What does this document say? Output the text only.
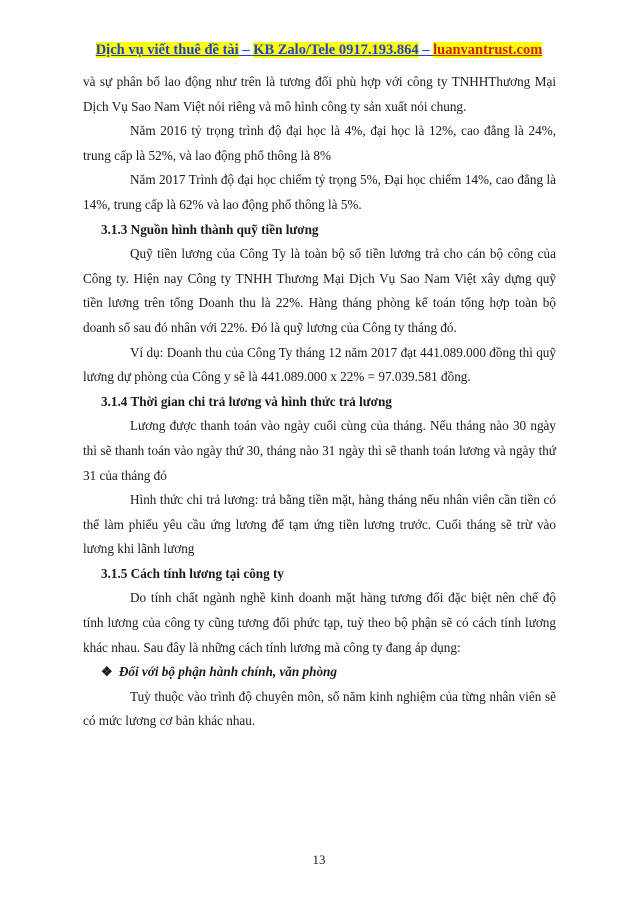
Dịch vụ viết thuê đề tài – KB Zalo/Tele 0917.193.864 – luanvantrust.com

và sự phân bổ lao động như trên là tương đối phù hợp với công ty TNHHThương Mại Dịch Vụ Sao Nam Việt nói riêng và mô hình công ty sản xuất nói chung.

Năm 2016 tỷ trọng trình độ đại học là 4%, đại học là 12%, cao đẳng là 24%, trung cấp là 52%, và lao động phổ thông là 8%

Năm 2017 Trình độ đại học chiếm tỷ trọng 5%, Đại học chiếm 14%, cao đẳng là 14%, trung cấp là 62% và lao động phổ thông là 5%.

3.1.3 Nguồn hình thành quỹ tiền lương

Quỹ tiền lương của Công Ty là toàn bộ số tiền lương trả cho cán bộ công của Công ty. Hiện nay Công ty TNHH Thương Mại Dịch Vụ Sao Nam Việt xây dựng quỹ tiền lương trên tổng Doanh thu là 22%. Hàng tháng phòng kế toán tổng hợp toàn bộ doanh số sau đó nhân với 22%. Đó là quỹ lương của Công ty tháng đó.

Ví dụ: Doanh thu của Công Ty tháng 12 năm 2017 đạt 441.089.000 đồng thì quỹ lương dự phòng của Công y sẽ là 441.089.000 x 22% = 97.039.581 đồng.

3.1.4 Thời gian chi trả lương và hình thức trả lương

Lương được thanh toán vào ngày cuối cùng của tháng. Nếu tháng nào 30 ngày thì sẽ thanh toán vào ngày thứ 30, tháng nào 31 ngày thì sẽ thanh toán lương và ngày thứ 31 của tháng đó

Hình thức chi trả lương: trả bằng tiền mặt, hàng tháng nếu nhân viên cần tiền có thể làm phiếu yêu cầu ứng lương để tạm ứng tiền lương trước. Cuối tháng sẽ trừ vào lương khi lãnh lương

3.1.5 Cách tính lương tại công ty

Do tính chất ngành nghề kinh doanh mặt hàng tương đối đặc biệt nên chế độ tính lương của công ty cũng tương đối phức tạp, tuỳ theo bộ phận sẽ có cách tính lương khác nhau. Sau đây là những cách tính lương mà công ty đang áp dụng:

❖ Đối với bộ phận hành chính, văn phòng

Tuỳ thuộc vào trình độ chuyên môn, số năm kinh nghiệm của từng nhân viên sẽ có mức lương cơ bản khác nhau.

13
